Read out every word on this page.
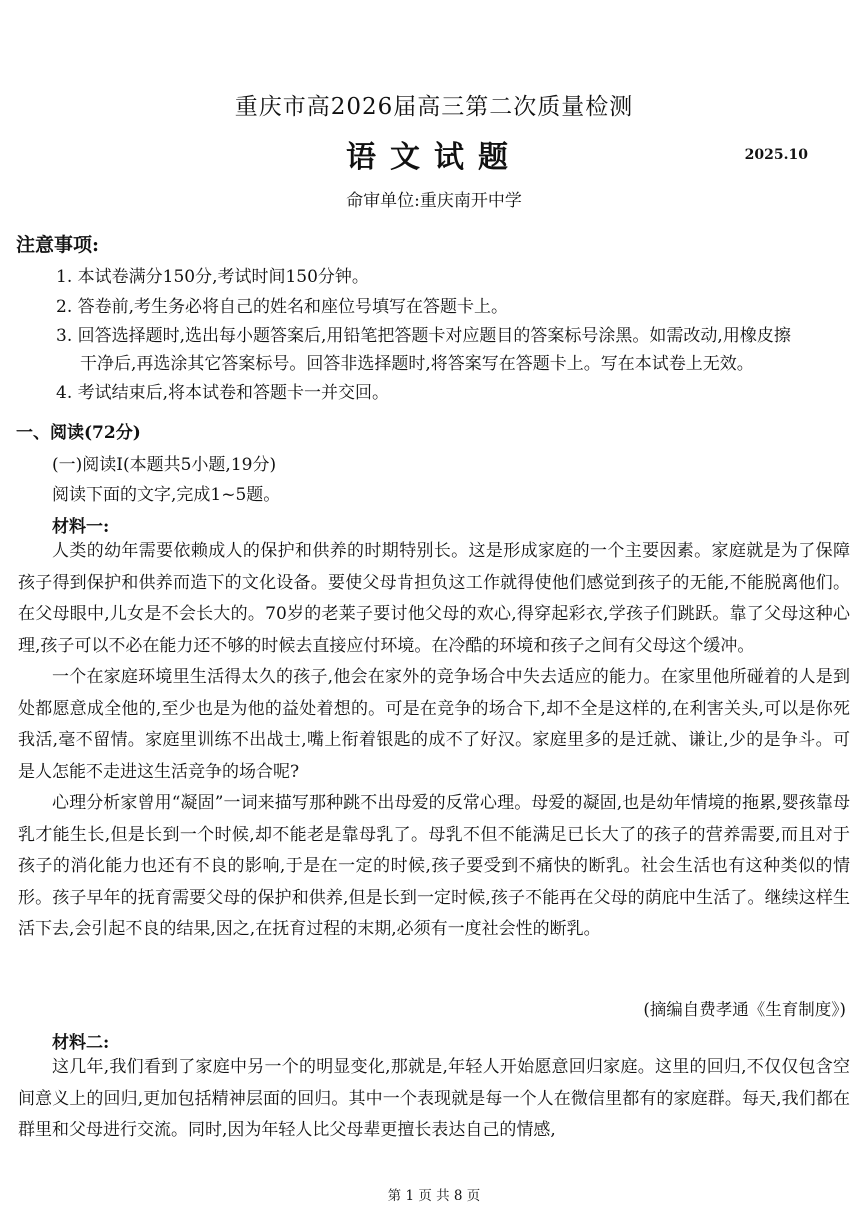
重庆市高2026届高三第二次质量检测
语文试题	2025.10
命审单位:重庆南开中学
注意事项:
1. 本试卷满分150分,考试时间150分钟。
2. 答卷前,考生务必将自己的姓名和座位号填写在答题卡上。
3. 回答选择题时,选出每小题答案后,用铅笔把答题卡对应题目的答案标号涂黑。如需改动,用橡皮擦
干净后,再选涂其它答案标号。回答非选择题时,将答案写在答题卡上。写在本试卷上无效。
4. 考试结束后,将本试卷和答题卡一并交回。
一、阅读(72分)
(一)阅读Ⅰ(本题共5小题,19分)
阅读下面的文字,完成1~5题。
材料一:

人类的幼年需要依赖成人的保护和供养的时期特别长。这是形成家庭的一个主要因素。家庭就是为了保障孩子得到保护和供养而造下的文化设备。要使父母肯担负这工作就得使他们感觉到孩子的无能,不能脱离他们。在父母眼中,儿女是不会长大的。70岁的老莱子要讨他父母的欢心,得穿起彩衣,学孩子们跳跃。靠了父母这种心理,孩子可以不必在能力还不够的时候去直接应付环境。在冷酷的环境和孩子之间有父母这个缓冲。

一个在家庭环境里生活得太久的孩子,他会在家外的竞争场合中失去适应的能力。在家里他所碰着的人是到处都愿意成全他的,至少也是为他的益处着想的。可是在竞争的场合下,却不全是这样的,在利害关头,可以是你死我活,毫不留情。家庭里训练不出战士,嘴上衔着银匙的成不了好汉。家庭里多的是迁就、谦让,少的是争斗。可是人怎能不走进这生活竞争的场合呢?

心理分析家曾用“凝固”一词来描写那种跳不出母爱的反常心理。母爱的凝固,也是幼年情境的拖累,婴孩靠母乳才能生长,但是长到一个时候,却不能老是靠母乳了。母乳不但不能满足已长大了的孩子的营养需要,而且对于孩子的消化能力也还有不良的影响,于是在一定的时候,孩子要受到不痛快的断乳。社会生活也有这种类似的情形。孩子早年的抚育需要父母的保护和供养,但是长到一定时候,孩子不能再在父母的荫庇中生活了。继续这样生活下去,会引起不良的结果,因之,在抚育过程的末期,必须有一度社会性的断乳。

(摘编自费孝通《生育制度》)
材料二:

这几年,我们看到了家庭中另一个的明显变化,那就是,年轻人开始愿意回归家庭。这里的回归,不仅仅包含空间意义上的回归,更加包括精神层面的回归。其中一个表现就是每一个人在微信里都有的家庭群。每天,我们都在群里和父母进行交流。同时,因为年轻人比父母辈更擅长表达自己的情感,

第 1 页 共 8 页
